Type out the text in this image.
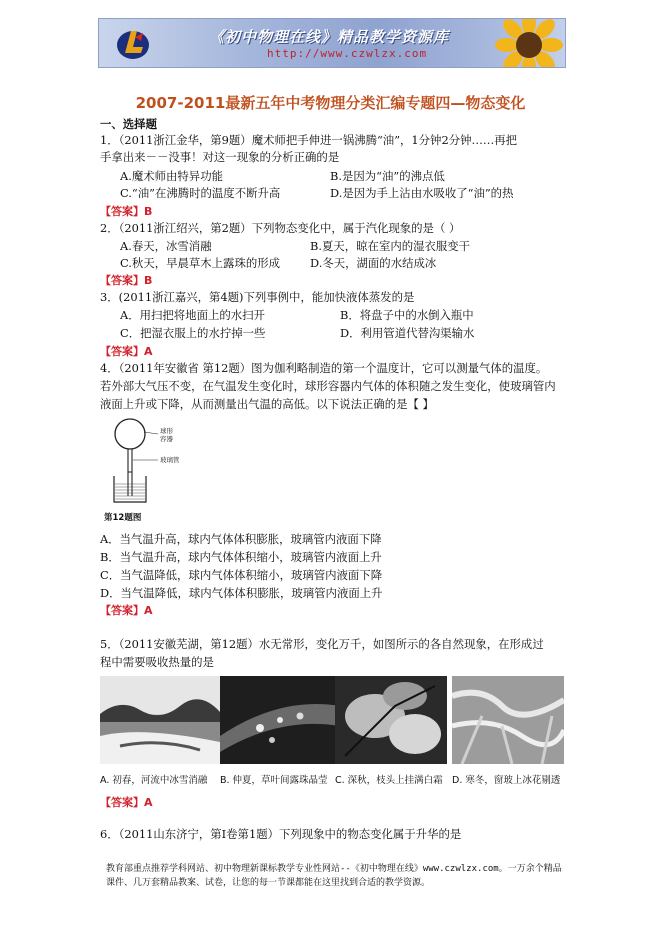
《初中物理在线》精品教学资源库
http://www.czwlzx.com
2007-2011最新五年中考物理分类汇编专题四—物态变化
一、选择题
1．（2011浙江金华，第9题）魔术师把手伸进一锅沸腾“油”，1分钟2分钟……再把
手拿出来－－没事！对这一现象的分析正确的是
A.魔术师由特异功能	B.是因为“油”的沸点低
C.“油”在沸腾时的温度不断升高	D.是因为手上沾由水吸收了“油”的热
【答案】B
2．（2011浙江绍兴，第2题）下列物态变化中，属于汽化现象的是（ ）
A.春天，冰雪消融	B.夏天，晾在室内的湿衣服变干
C.秋天，早晨草木上露珠的形成	D.冬天，湖面的水结成冰
【答案】B
3．(2011浙江嘉兴，第4题)下列事例中，能加快液体蒸发的是
A．用扫把将地面上的水扫开	B．将盘子中的水倒入瓶中
C．把湿衣服上的水拧掉一些	D．利用管道代替沟渠输水
【答案】A
4．（2011年安徽省 第12题）图为伽利略制造的第一个温度计，它可以测量气体的温度。
若外部大气压不变，在气温发生变化时，球形容器内气体的体积随之发生变化，使玻璃管内
液面上升或下降，从而测量出气温的高低。以下说法正确的是【 】
球形
容器
玻璃管
第12题图
A．当气温升高，球内气体体积膨胀，玻璃管内液面下降
B．当气温升高，球内气体体积缩小，玻璃管内液面上升
C．当气温降低，球内气体体积缩小，玻璃管内液面下降
D．当气温降低，球内气体体积膨胀，玻璃管内液面上升
【答案】A
5．（2011安徽芜湖，第12题）水无常形，变化万千，如图所示的各自然现象，在形成过
程中需要吸收热量的是
A. 初春，河流中冰雪消融 B. 仲夏，草叶间露珠晶莹 C. 深秋，枝头上挂满白霜 D. 寒冬，窗玻上冰花剔透
【答案】A
6．（2011山东济宁，第Ⅰ卷第1题）下列现象中的物态变化属于升华的是
教育部重点推荐学科网站、初中物理新课标教学专业性网站--《初中物理在线》www.czwlzx.com。一万余个精品课件、几万套精品教案、试卷，让您的每一节课都能在这里找到合适的教学资源。
